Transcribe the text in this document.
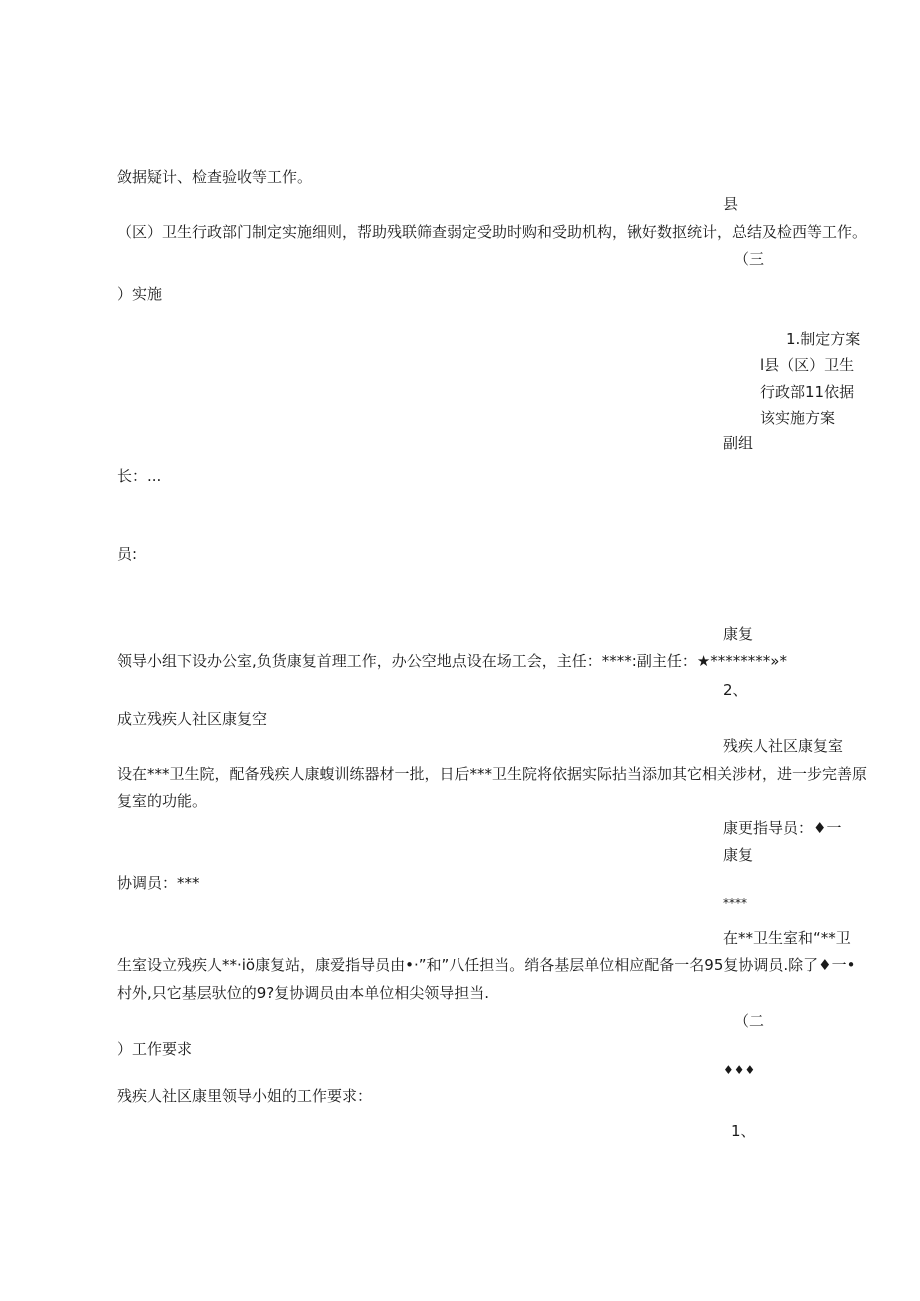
敛据疑计、检查验收等工作。
县
（区）卫生行政部门制定实施细则，帮助残联筛查弱定受助时购和受助机构，锹好数抠统计，总结及检西等工作。
（三
）实施
1.制定方案
l县（区）卫生
行政部11依据
该实施方案
副组
长：...
员:
康复
领导小组下设办公室,负货康复首理工作，办公空地点设在场工会，主任：****:副主任：★********»*
2、
成立残疾人社区康复空
残疾人社区康复室
设在***卫生院，配备残疾人康蝮训练器材一批，日后***卫生院将依据实际拈当添加其它相关涉材，进一步完善原
复室的功能。
康更指导员：♦一
康复
协调员：***
****
在**卫生室和“**卫
生室设立残疾人**·iö康复站，康爱指导员由•·”和”八任担当。绡各基层单位相应配备一名95复协调员.除了♦一•
村外,只它基层驮位的9?复协调员由本单位相尖领导担当.
（二
）工作要求
♦♦♦
残疾人社区康里领导小姐的工作要求：
1、
